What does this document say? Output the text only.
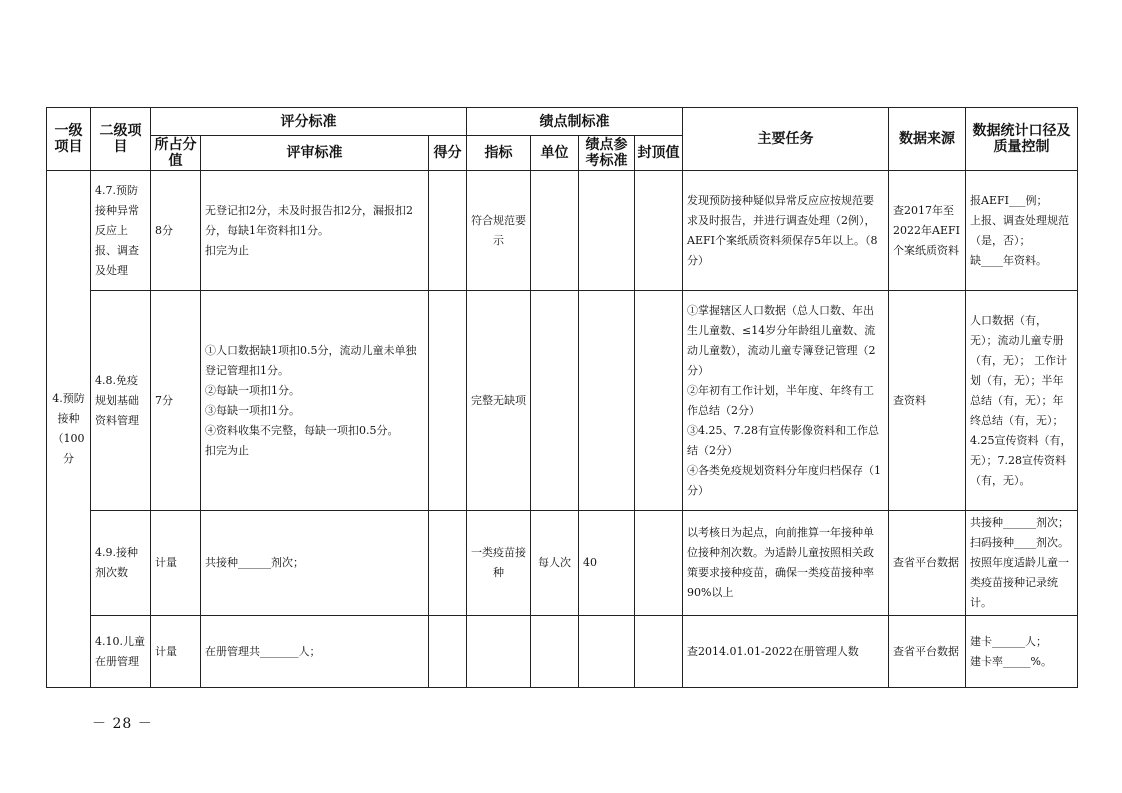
一级项目	二级项目	评分标准			绩点制标准				主要任务	数据来源	数据统计口径及质量控制
		所占分值	评审标准	得分	指标	单位	绩点参考标准	封顶值			
4.预防接种（100分	4.7.预防接种异常反应上报、调查及处理	8分	无登记扣2分，未及时报告扣2分，漏报扣2分，每缺1年资料扣1分。
扣完为止		符合规范要示				发现预防接种疑似异常反应应按规范要求及时报告，并进行调查处理（2例），AEFI个案纸质资料须保存5年以上。（8分）	查2017年至2022年AEFI个案纸质资料	报AEFI___例；
上报、调查处理规范（是，否）；
缺____年资料。
	4.8.免疫规划基础资料管理	7分	①人口数据缺1项扣0.5分，流动儿童未单独登记管理扣1分。
②每缺一项扣1分。
③每缺一项扣1分。
④资料收集不完整，每缺一项扣0.5分。
扣完为止		完整无缺项				①掌握辖区人口数据（总人口数、年出生儿童数、≤14岁分年龄组儿童数、流动儿童数），流动儿童专簿登记管理（2分）
②年初有工作计划，半年度、年终有工作总结（2分）
③4.25、7.28有宣传影像资料和工作总结（2分）
④各类免疫规划资料分年度归档保存（1分）	查资料	人口数据（有，无）；流动儿童专册（有，无）； 工作计划（有，无）；半年总结（有，无）；年终总结（有，无）；
4.25宣传资料（有，无）；7.28宣传资料（有，无）。
	4.9.接种剂次数	计量	共接种______剂次；		一类疫苗接种	每人次	40		以考核日为起点，向前推算一年接种单位接种剂次数。为适龄儿童按照相关政策要求接种疫苗，确保一类疫苗接种率90%以上	查省平台数据	共接种______剂次；扫码接种____剂次。按照年度适龄儿童一类疫苗接种记录统计。
	4.10.儿童在册管理	计量	在册管理共_______人；						查2014.01.01-2022在册管理人数	查省平台数据	建卡______人；
建卡率_____%。
－ 28 －
